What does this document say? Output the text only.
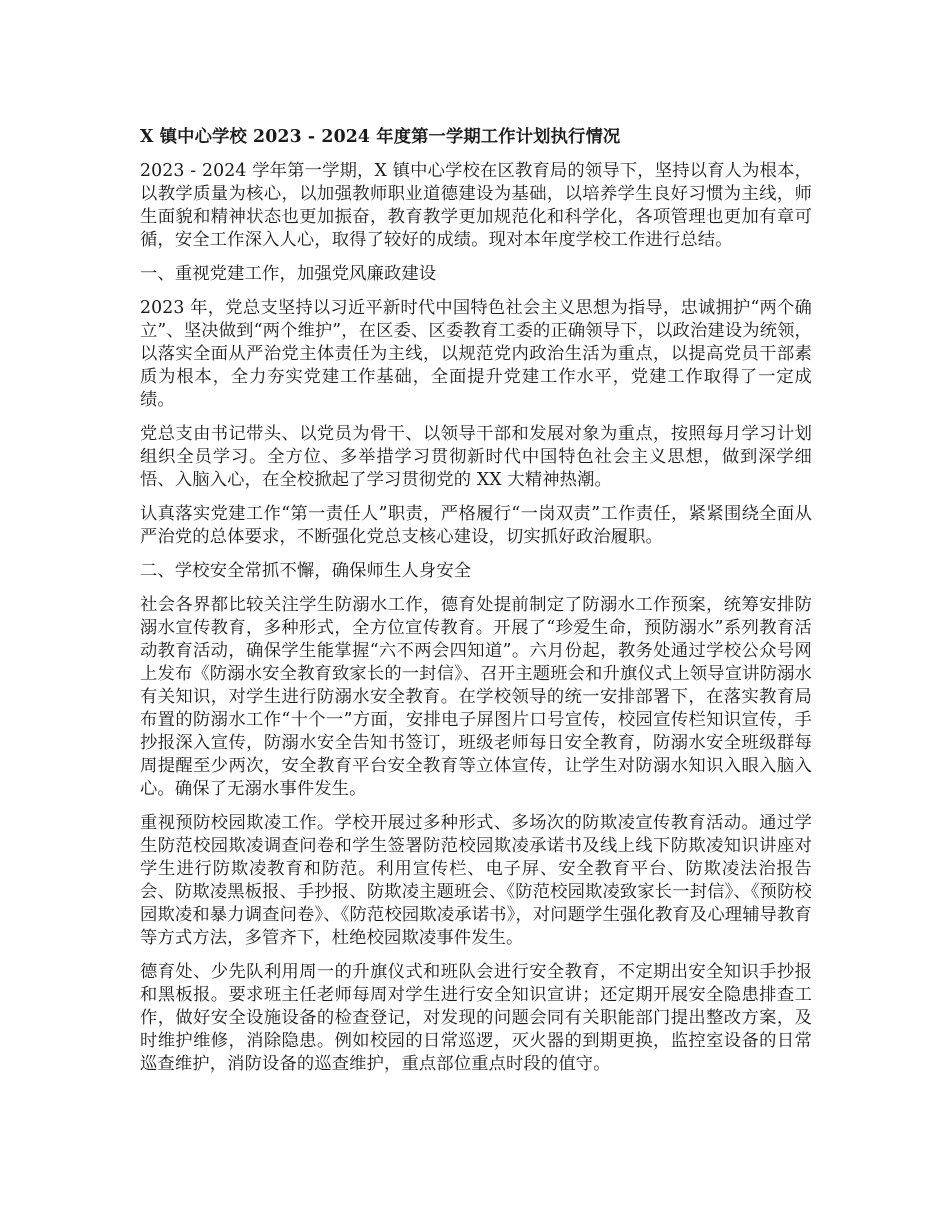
X 镇中心学校 2023 - 2024 年度第一学期工作计划执行情况
2023 - 2024 学年第一学期，X 镇中心学校在区教育局的领导下，坚持以育人为根本，以教学质量为核心，以加强教师职业道德建设为基础，以培养学生良好习惯为主线，师生面貌和精神状态也更加振奋，教育教学更加规范化和科学化，各项管理也更加有章可循，安全工作深入人心，取得了较好的成绩。现对本年度学校工作进行总结。
一、重视党建工作，加强党风廉政建设
2023 年，党总支坚持以习近平新时代中国特色社会主义思想为指导，忠诚拥护“两个确立”、坚决做到“两个维护”，在区委、区委教育工委的正确领导下，以政治建设为统领，以落实全面从严治党主体责任为主线，以规范党内政治生活为重点，以提高党员干部素质为根本，全力夯实党建工作基础，全面提升党建工作水平，党建工作取得了一定成绩。
党总支由书记带头、以党员为骨干、以领导干部和发展对象为重点，按照每月学习计划组织全员学习。全方位、多举措学习贯彻新时代中国特色社会主义思想，做到深学细悟、入脑入心，在全校掀起了学习贯彻党的 XX 大精神热潮。
认真落实党建工作“第一责任人”职责，严格履行“一岗双责”工作责任，紧紧围绕全面从严治党的总体要求，不断强化党总支核心建设，切实抓好政治履职。
二、学校安全常抓不懈，确保师生人身安全
社会各界都比较关注学生防溺水工作，德育处提前制定了防溺水工作预案，统筹安排防溺水宣传教育，多种形式，全方位宣传教育。开展了“珍爱生命，预防溺水”系列教育活动教育活动，确保学生能掌握“六不两会四知道”。六月份起，教务处通过学校公众号网上发布《防溺水安全教育致家长的一封信》、召开主题班会和升旗仪式上领导宣讲防溺水有关知识，对学生进行防溺水安全教育。在学校领导的统一安排部署下，在落实教育局布置的防溺水工作“十个一”方面，安排电子屏图片口号宣传，校园宣传栏知识宣传，手抄报深入宣传，防溺水安全告知书签订，班级老师每日安全教育，防溺水安全班级群每周提醒至少两次，安全教育平台安全教育等立体宣传，让学生对防溺水知识入眼入脑入心。确保了无溺水事件发生。
重视预防校园欺凌工作。学校开展过多种形式、多场次的防欺凌宣传教育活动。通过学生防范校园欺凌调查问卷和学生签署防范校园欺凌承诺书及线上线下防欺凌知识讲座对学生进行防欺凌教育和防范。利用宣传栏、电子屏、安全教育平台、防欺凌法治报告会、防欺凌黑板报、手抄报、防欺凌主题班会、《防范校园欺凌致家长一封信》、《预防校园欺凌和暴力调查问卷》、《防范校园欺凌承诺书》，对问题学生强化教育及心理辅导教育等方式方法，多管齐下，杜绝校园欺凌事件发生。
德育处、少先队利用周一的升旗仪式和班队会进行安全教育，不定期出安全知识手抄报和黑板报。要求班主任老师每周对学生进行安全知识宣讲；还定期开展安全隐患排查工作，做好安全设施设备的检查登记，对发现的问题会同有关职能部门提出整改方案，及时维护维修，消除隐患。例如校园的日常巡逻，灭火器的到期更换，监控室设备的日常巡查维护，消防设备的巡查维护，重点部位重点时段的值守。
